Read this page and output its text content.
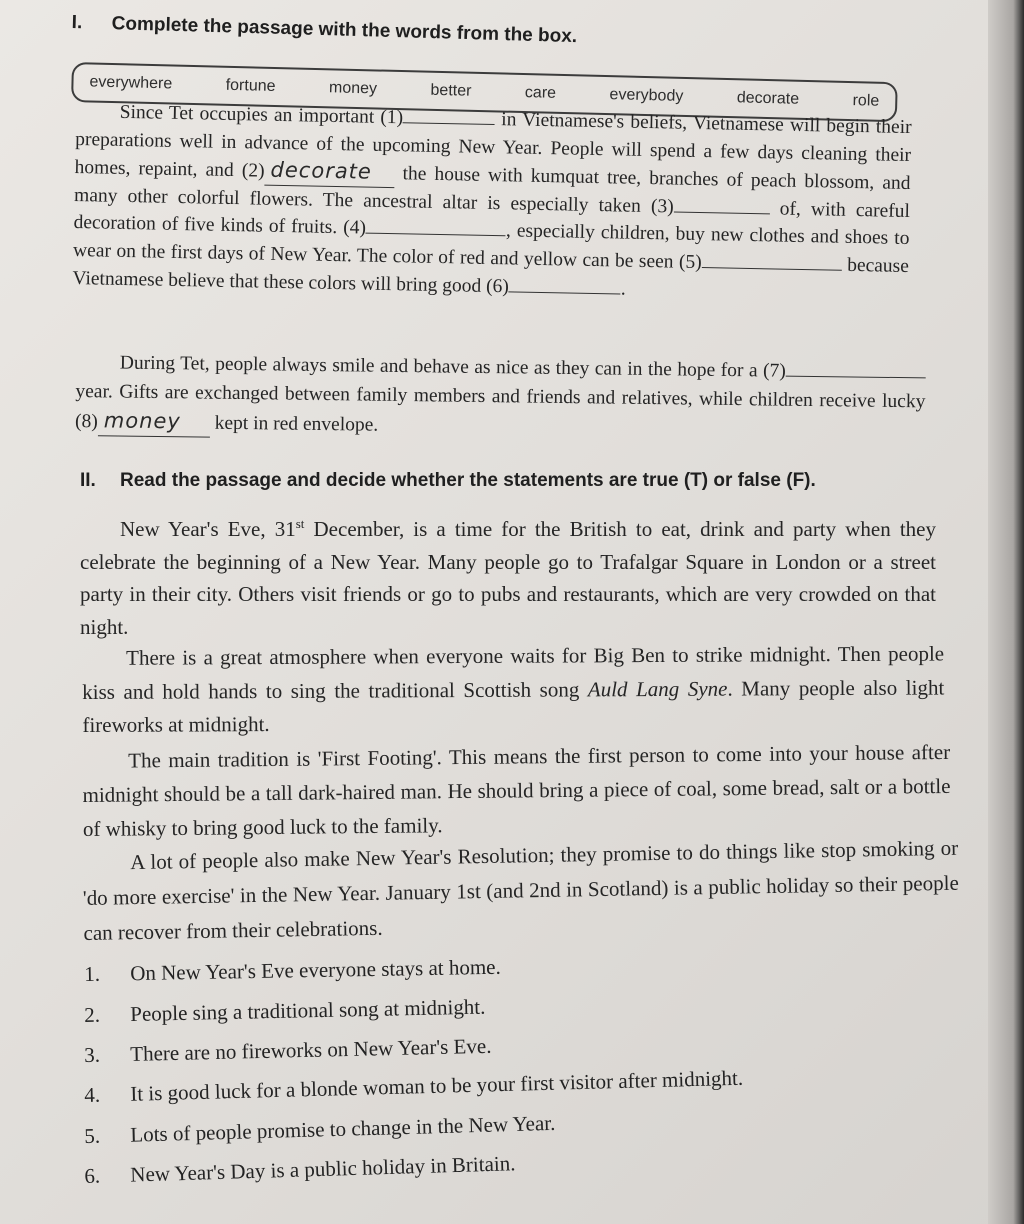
I. Complete the passage with the words from the box.
everywhere	fortune	money	better	care	everybody	decorate	role
Since Tet occupies an important (1)	in Vietnamese's beliefs, Vietnamese will begin their preparations well in advance of the upcoming New Year. People will spend a few days cleaning their homes, repaint, and (2) decorate the house with kumquat tree, branches of peach blossom, and many other colorful flowers. The ancestral altar is especially taken (3)	of, with careful decoration of five kinds of fruits. (4)	, especially children, buy new clothes and shoes to wear on the first days of New Year. The color of red and yellow can be seen (5)	because Vietnamese believe that these colors will bring good (6)	.
During Tet, people always smile and behave as nice as they can in the hope for a (7) year. Gifts are exchanged between family members and friends and relatives, while children receive lucky (8) money kept in red envelope.
II. Read the passage and decide whether the statements are true (T) or false (F).
New Year's Eve, 31st December, is a time for the British to eat, drink and party when they celebrate the beginning of a New Year. Many people go to Trafalgar Square in London or a street party in their city. Others visit friends or go to pubs and restaurants, which are very crowded on that night.
There is a great atmosphere when everyone waits for Big Ben to strike midnight. Then people kiss and hold hands to sing the traditional Scottish song Auld Lang Syne. Many people also light fireworks at midnight.
The main tradition is 'First Footing'. This means the first person to come into your house after midnight should be a tall dark-haired man. He should bring a piece of coal, some bread, salt or a bottle of whisky to bring good luck to the family.
A lot of people also make New Year's Resolution; they promise to do things like stop smoking or 'do more exercise' in the New Year. January 1st (and 2nd in Scotland) is a public holiday so their people can recover from their celebrations.
1. On New Year's Eve everyone stays at home.
2. People sing a traditional song at midnight.
3. There are no fireworks on New Year's Eve.
4. It is good luck for a blonde woman to be your first visitor after midnight.
5. Lots of people promise to change in the New Year.
6. New Year's Day is a public holiday in Britain.
